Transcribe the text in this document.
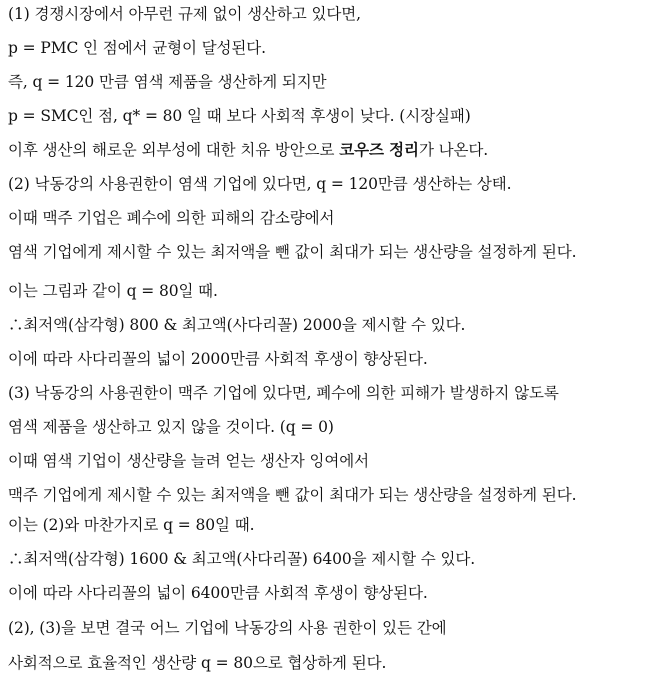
(1) 경쟁시장에서 아무런 규제 없이 생산하고 있다면,
p = PMC 인 점에서 균형이 달성된다.
즉, q = 120 만큼 염색 제품을 생산하게 되지만
p = SMC인 점, q* = 80 일 때 보다 사회적 후생이 낮다. (시장실패)
이후 생산의 해로운 외부성에 대한 치유 방안으로 코우즈 정리가 나온다.
(2) 낙동강의 사용권한이 염색 기업에 있다면, q = 120만큼 생산하는 상태.
이때 맥주 기업은 폐수에 의한 피해의 감소량에서
염색 기업에게 제시할 수 있는 최저액을 뺀 값이 최대가 되는 생산량을 설정하게 된다.
이는 그림과 같이 q = 80일 때.
∴최저액(삼각형) 800 & 최고액(사다리꼴) 2000을 제시할 수 있다.
이에 따라 사다리꼴의 넓이 2000만큼 사회적 후생이 향상된다.
(3) 낙동강의 사용권한이 맥주 기업에 있다면, 폐수에 의한 피해가 발생하지 않도록
염색 제품을 생산하고 있지 않을 것이다. (q = 0)
이때 염색 기업이 생산량을 늘려 얻는 생산자 잉여에서
맥주 기업에게 제시할 수 있는 최저액을 뺀 값이 최대가 되는 생산량을 설정하게 된다.
이는 (2)와 마찬가지로 q = 80일 때.
∴최저액(삼각형) 1600 & 최고액(사다리꼴) 6400을 제시할 수 있다.
이에 따라 사다리꼴의 넓이 6400만큼 사회적 후생이 향상된다.
(2), (3)을 보면 결국 어느 기업에 낙동강의 사용 권한이 있든 간에
사회적으로 효율적인 생산량 q = 80으로 협상하게 된다.
